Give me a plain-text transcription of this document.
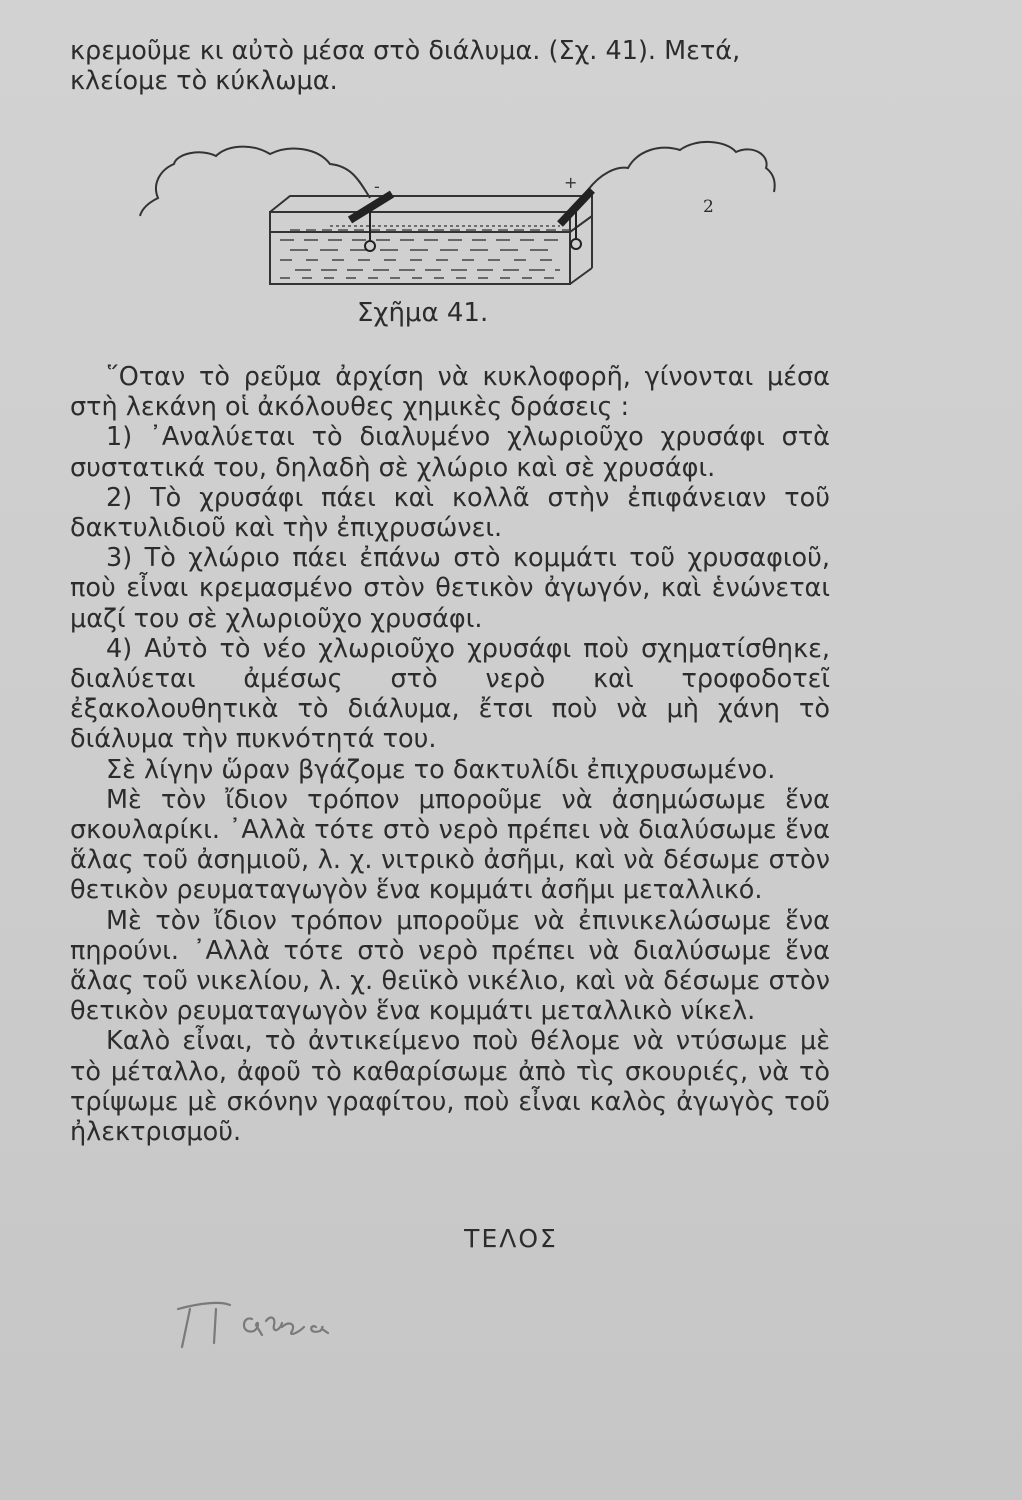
κρεμοῦμε κι αὐτὸ μέσα στὸ διάλυμα. (Σχ. 41). Μετά,
κλείομε τὸ κύκλωμα.
-	+
2
Σχῆμα 41.
῞Οταν τὸ ρεῦμα ἀρχίση νὰ κυκλοφορῆ, γίνονται μέσα στὴ λεκάνη οἱ ἀκόλουθες χημικὲς δράσεις :
1) ᾿Αναλύεται τὸ διαλυμένο χλωριοῦχο χρυσάφι στὰ συστατικά του, δηλαδὴ σὲ χλώριο καὶ σὲ χρυσάφι.
2) Τὸ χρυσάφι πάει καὶ κολλᾶ στὴν ἐπιφάνειαν τοῦ δακτυλιδιοῦ καὶ τὴν ἐπιχρυσώνει.
3) Τὸ χλώριο πάει ἐπάνω στὸ κομμάτι τοῦ χρυσαφιοῦ, ποὺ εἶναι κρεμασμένο στὸν θετικὸν ἀγωγόν, καὶ ἑνώνεται μαζί του σὲ χλωριοῦχο χρυσάφι.
4) Αὐτὸ τὸ νέο χλωριοῦχο χρυσάφι ποὺ σχηματίσθηκε, διαλύεται ἀμέσως στὸ νερὸ καὶ τροφοδοτεῖ ἐξακολουθητικὰ τὸ διάλυμα, ἔτσι ποὺ νὰ μὴ χάνη τὸ διάλυμα τὴν πυκνότητά του.
Σὲ λίγην ὥραν βγάζομε το δακτυλίδι ἐπιχρυσωμένο.
Μὲ τὸν ἴδιον τρόπον μποροῦμε νὰ ἀσημώσωμε ἕνα σκουλαρίκι. ᾿Αλλὰ τότε στὸ νερὸ πρέπει νὰ διαλύσωμε ἕνα ἅλας τοῦ ἀσημιοῦ, λ. χ. νιτρικὸ ἀσῆμι, καὶ νὰ δέσωμε στὸν θετικὸν ρευματαγωγὸν ἕνα κομμάτι ἀσῆμι μεταλλικό.
Μὲ τὸν ἴδιον τρόπον μποροῦμε νὰ ἐπινικελώσωμε ἕνα πηρούνι. ᾿Αλλὰ τότε στὸ νερὸ πρέπει νὰ διαλύσωμε ἕνα ἅλας τοῦ νικελίου, λ. χ. θειϊκὸ νικέλιο, καὶ νὰ δέσωμε στὸν θετικὸν ρευματαγωγὸν ἕνα κομμάτι μεταλλικὸ νίκελ.
Καλὸ εἶναι, τὸ ἀντικείμενο ποὺ θέλομε νὰ ντύσωμε μὲ τὸ μέταλλο, ἀφοῦ τὸ καθαρίσωμε ἀπὸ τὶς σκουριές, νὰ τὸ τρίψωμε μὲ σκόνην γραφίτου, ποὺ εἶναι καλὸς ἀγωγὸς τοῦ ἠλεκτρισμοῦ.
ΤΕΛΟΣ
